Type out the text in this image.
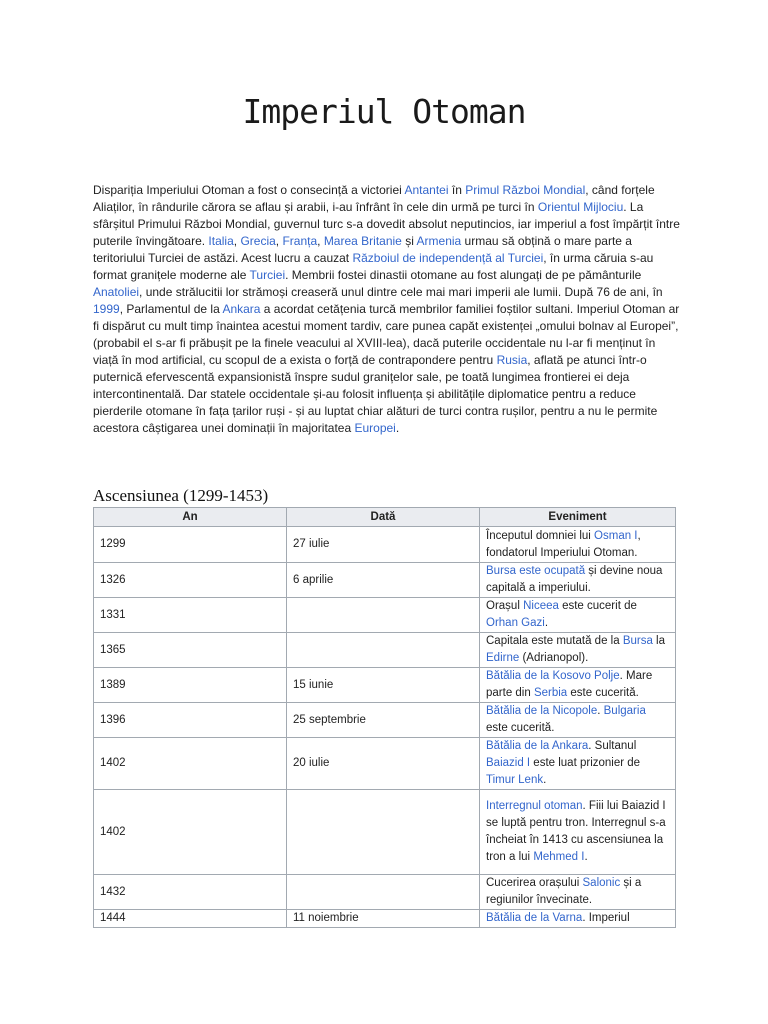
Imperiul Otoman
Dispariția Imperiului Otoman a fost o consecință a victoriei Antantei în Primul Război Mondial, când forțele Aliaților, în rândurile cărora se aflau și arabii, i-au înfrânt în cele din urmă pe turci în Orientul Mijlociu. La sfârșitul Primului Război Mondial, guvernul turc s-a dovedit absolut neputincios, iar imperiul a fost împărțit între puterile învingătoare. Italia, Grecia, Franța, Marea Britanie și Armenia urmau să obțină o mare parte a teritoriului Turciei de astăzi. Acest lucru a cauzat Războiul de independență al Turciei, în urma căruia s-au format granițele moderne ale Turciei. Membrii fostei dinastii otomane au fost alungați de pe pământurile Anatoliei, unde strălucitii lor strămoși creaseră unul dintre cele mai mari imperii ale lumii. După 76 de ani, în 1999, Parlamentul de la Ankara a acordat cetățenia turcă membrilor familiei foștilor sultani. Imperiul Otoman ar fi dispărut cu mult timp înaintea acestui moment tardiv, care punea capăt existenței „omului bolnav al Europei”, (probabil el s-ar fi prăbușit pe la finele veacului al XVIII-lea), dacă puterile occidentale nu l-ar fi menținut în viață în mod artificial, cu scopul de a exista o forță de contrapondere pentru Rusia, aflată pe atunci într-o puternică efervescentă expansionistă înspre sudul granițelor sale, pe toată lungimea frontierei ei deja intercontinentală. Dar statele occidentale și-au folosit influența și abilitățile diplomatice pentru a reduce pierderile otomane în fața țarilor ruși - și au luptat chiar alături de turci contra rușilor, pentru a nu le permite acestora câștigarea unei dominații în majoritatea Europei.
Ascensiunea (1299-1453)
An	Dată	Eveniment
1299	27 iulie	Începutul domniei lui Osman I, fondatorul Imperiului Otoman.
1326	6 aprilie	Bursa este ocupată și devine noua capitală a imperiului.
1331		Orașul Niceea este cucerit de Orhan Gazi.
1365		Capitala este mutată de la Bursa la Edirne (Adrianopol).
1389	15 iunie	Bătălia de la Kosovo Polje. Mare parte din Serbia este cucerită.
1396	25 septembrie	Bătălia de la Nicopole. Bulgaria este cucerită.
1402	20 iulie	Bătălia de la Ankara. Sultanul Baiazid I este luat prizonier de Timur Lenk.
1402		Interregnul otoman. Fiii lui Baiazid I se luptă pentru tron. Interregnul s-a încheiat în 1413 cu ascensiunea la tron a lui Mehmed I.
1432		Cucerirea orașului Salonic și a regiunilor învecinate.
1444	11 noiembrie	Bătălia de la Varna. Imperiul
